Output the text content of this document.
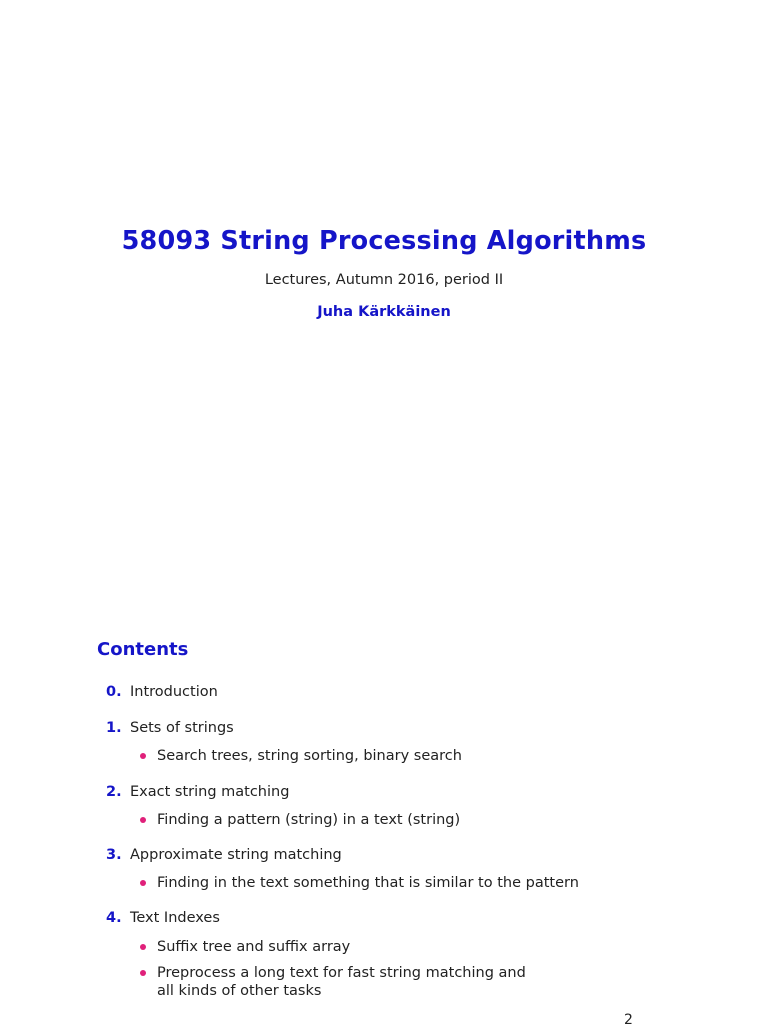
58093 String Processing Algorithms
Lectures, Autumn 2016, period II
Juha Kärkkäinen
Contents
0. Introduction
1. Sets of strings
Search trees, string sorting, binary search
2. Exact string matching
Finding a pattern (string) in a text (string)
3. Approximate string matching
Finding in the text something that is similar to the pattern
4. Text Indexes
Suffix tree and suffix array
Preprocess a long text for fast string matching and
all kinds of other tasks
2
